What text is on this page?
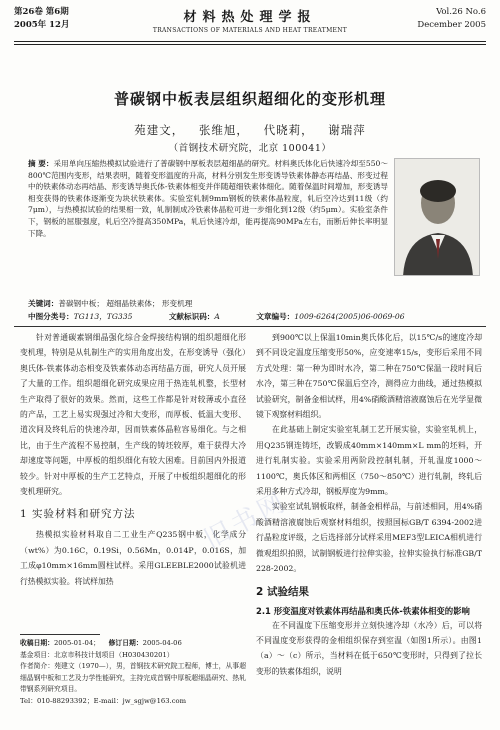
第26卷 第6期
2005年 12月	材料热处理学报
TRANSACTIONS OF MATERIALS AND HEAT TREATMENT
Vol.26 No.6
December 2005
普碳钢中板表层组织超细化的变形机理
苑建文， 张维旭， 代晓莉， 谢瑞萍
（首钢技术研究院，北京 100041）
摘 要：采用单向压缩热模拟试验进行了普碳钢中厚板表层超细晶的研究。材料奥氏体化后快速冷却至550～800℃范围内变形，结果表明，随着变形温度的升高，材料分别发生形变诱导铁素体静态再结晶、形变过程中的铁素体动态再结晶、形变诱导奥氏体-铁素体相变并伴随超细铁素体细化。随着保温时间增加，形变诱导相变获得的铁素体逐渐变为块状铁素体。实验室轧制9mm钢板的铁素体晶粒度，轧后空冷达到11级（约7μm），与热模拟试验的结果相一致，轧制制成冷铁素体晶粒可进一步细化到12级（约5μm）。实验室条件下，钢板的屈服强度，轧后空冷提高350MPa，轧后快速冷却，能再提高90MPa左右，而断后伸长率明显下降。
关键词：普碳钢中板； 超细晶铁素体； 形变机理
中图分类号：TG113，TG335	文献标识码：A	文章编号：1009-6264(2005)06-0069-06

针对普通碳素钢细晶强化综合金焊接结构钢的组织超细化形变机理，特别是从轧制生产的实用角度出发，在形变诱导（强化）奥氏体-铁素体动态相变及铁素体动态再结晶方面，研究人员开展了大量的工作。组织超细化研究成果应用于热连轧机整，长型材生产取得了很好的效果。然而，这些工作都是针对较薄或小直径的产品，工艺上易实现强过冷和大变形，而厚板、低温大变形、道次间及终轧后的快速冷却，因而铁素体晶粒容易细化。与之相比，由于生产流程不易控制，生产线的铸坯较厚，难于获得大冷却速度等问题，中厚板的组织细化有较大困难。目前国内外报道较少。针对中厚板的生产工艺特点，开展了中板组织超细化的形变机理研究。

1 实验材料和研究方法

热模拟实验材料取自二工业生产Q235钢中板，化学成分（wt%）为0.16C，0.19Si，0.56Mn，0.014P，0.016S，加工成φ10mm×16mm圆柱试样。采用GLEEBLE2000试验机进行热模拟实验。将试样加热

收稿日期：2005-01-04； 修订日期：2005-04-06
基金项目：北京市科技计划项目（H030430201）
作者简介：苑建文（1970—），男，首钢技术研究院工程师，博士，从事超细晶钢中板和工艺及力学性能研究，主持完成首钢中厚板超细晶研究、热轧带钢系列研究项目。
Tel：010-88293392；E-mail：jw_sgjw@163.com

到900℃以上保温10min奥氏体化后，以15℃/s的速度冷却到不同设定温度压缩变形50%，应变速率15/s，变形后采用不同方式处理：第一种为即时水冷，第二种在750℃保温一段时间后水冷，第三种在750℃保温后空冷，测得应力曲线，通过热模拟试验研究，制备金相试样，用4%硝酸酒精溶液腐蚀后在光学显微镜下观察材料组织。

在此基础上制定实验室轧制工艺开展实验，实验室轧机上，用Q235钢连铸坯，改锻成40mm×140mm×L mm的坯料，开进行轧制实验。实验采用两阶段控制轧制，开轧温度1000～1100℃，奥氏体区和两相区（750～850℃）进行轧制，终轧后采用多种方式冷却，钢板厚度为9mm。

实验室试轧钢板取样，制备金相样品，与前述相同，用4%硝酸酒精溶液腐蚀后观察材料组织，按照国标GB/T 6394-2002进行晶粒度评级，之后选择部分试样采用MEF3型LEICA相机进行微观组织拍照，试制钢板进行拉伸实验，拉伸实验执行标准GB/T 228-2002。

2 试验结果
2.1 形变温度对铁素体再结晶和奥氏体-铁素体相变的影响

在不同温度下压缩变形并立刻快速冷却（水冷）后，可以将不同温度变形获得的金相组织保存到室温（如图1所示）。由图1（a）～（c）所示，当材料在低于650℃变形时，只得到了拉长变形的铁素体组织，说明

旧书网
